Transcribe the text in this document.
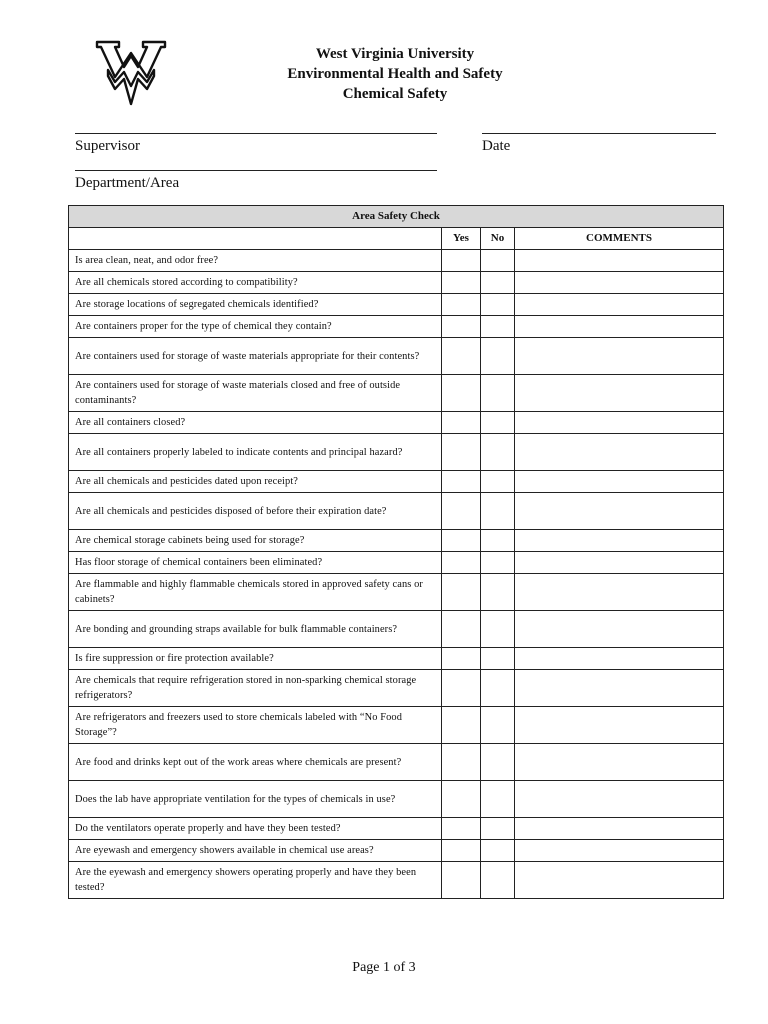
West Virginia University
Environmental Health and Safety
Chemical Safety
Supervisor	Date
Department/Area
Area Safety Check			
	Yes	No	COMMENTS
Is area clean, neat, and odor free?			
Are all chemicals stored according to compatibility?			
Are storage locations of segregated chemicals identified?			
Are containers proper for the type of chemical they contain?			
Are containers used for storage of waste materials appropriate for their contents?			
Are containers used for storage of waste materials closed and free of outside contaminants?			
Are all containers closed?			
Are all containers properly labeled to indicate contents and principal hazard?			
Are all chemicals and pesticides dated upon receipt?			
Are all chemicals and pesticides disposed of before their expiration date?			
Are chemical storage cabinets being used for storage?			
Has floor storage of chemical containers been eliminated?			
Are flammable and highly flammable chemicals stored in approved safety cans or cabinets?			
Are bonding and grounding straps available for bulk flammable containers?			
Is fire suppression or fire protection available?			
Are chemicals that require refrigeration stored in non-sparking chemical storage refrigerators?			
Are refrigerators and freezers used to store chemicals labeled with “No Food Storage”?			
Are food and drinks kept out of the work areas where chemicals are present?			
Does the lab have appropriate ventilation for the types of chemicals in use?			
Do the ventilators operate properly and have they been tested?			
Are eyewash and emergency showers available in chemical use areas?			
Are the eyewash and emergency showers operating properly and have they been tested?			
Page 1 of 3
